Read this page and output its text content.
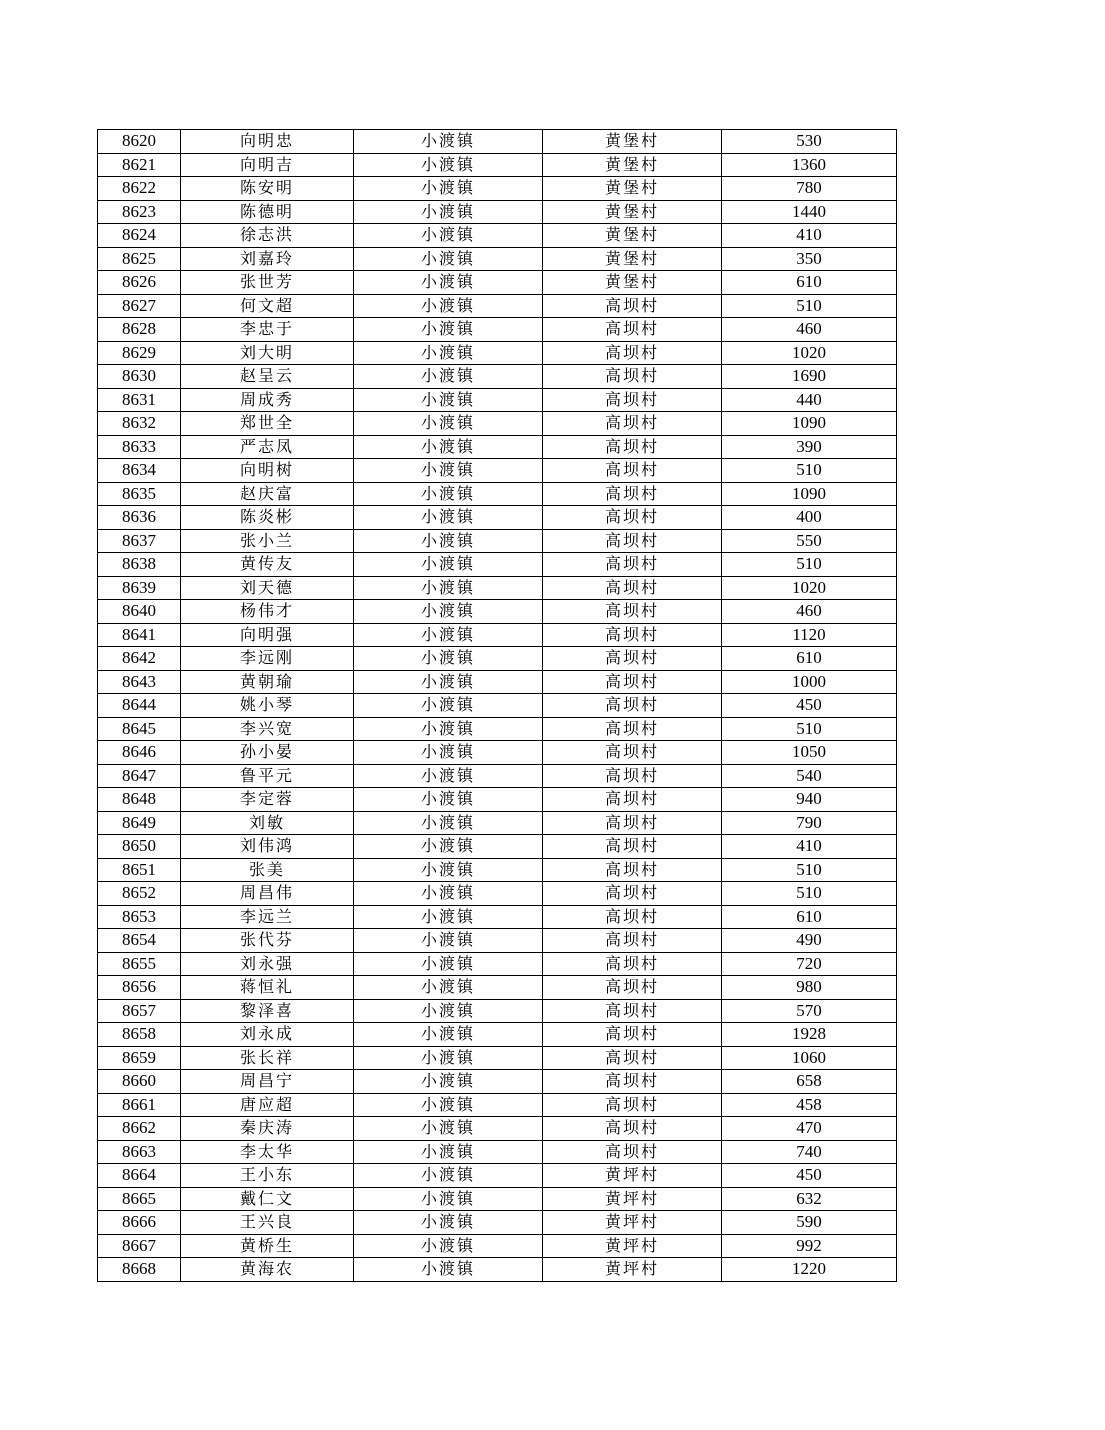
8620	向明忠	小渡镇	黄堡村	530
8621	向明吉	小渡镇	黄堡村	1360
8622	陈安明	小渡镇	黄堡村	780
8623	陈德明	小渡镇	黄堡村	1440
8624	徐志洪	小渡镇	黄堡村	410
8625	刘嘉玲	小渡镇	黄堡村	350
8626	张世芳	小渡镇	黄堡村	610
8627	何文超	小渡镇	高坝村	510
8628	李忠于	小渡镇	高坝村	460
8629	刘大明	小渡镇	高坝村	1020
8630	赵呈云	小渡镇	高坝村	1690
8631	周成秀	小渡镇	高坝村	440
8632	郑世全	小渡镇	高坝村	1090
8633	严志凤	小渡镇	高坝村	390
8634	向明树	小渡镇	高坝村	510
8635	赵庆富	小渡镇	高坝村	1090
8636	陈炎彬	小渡镇	高坝村	400
8637	张小兰	小渡镇	高坝村	550
8638	黄传友	小渡镇	高坝村	510
8639	刘天德	小渡镇	高坝村	1020
8640	杨伟才	小渡镇	高坝村	460
8641	向明强	小渡镇	高坝村	1120
8642	李远刚	小渡镇	高坝村	610
8643	黄朝瑜	小渡镇	高坝村	1000
8644	姚小琴	小渡镇	高坝村	450
8645	李兴宽	小渡镇	高坝村	510
8646	孙小晏	小渡镇	高坝村	1050
8647	鲁平元	小渡镇	高坝村	540
8648	李定蓉	小渡镇	高坝村	940
8649	刘敏	小渡镇	高坝村	790
8650	刘伟鸿	小渡镇	高坝村	410
8651	张美	小渡镇	高坝村	510
8652	周昌伟	小渡镇	高坝村	510
8653	李远兰	小渡镇	高坝村	610
8654	张代芬	小渡镇	高坝村	490
8655	刘永强	小渡镇	高坝村	720
8656	蒋恒礼	小渡镇	高坝村	980
8657	黎泽喜	小渡镇	高坝村	570
8658	刘永成	小渡镇	高坝村	1928
8659	张长祥	小渡镇	高坝村	1060
8660	周昌宁	小渡镇	高坝村	658
8661	唐应超	小渡镇	高坝村	458
8662	秦庆涛	小渡镇	高坝村	470
8663	李太华	小渡镇	高坝村	740
8664	王小东	小渡镇	黄坪村	450
8665	戴仁文	小渡镇	黄坪村	632
8666	王兴良	小渡镇	黄坪村	590
8667	黄桥生	小渡镇	黄坪村	992
8668	黄海农	小渡镇	黄坪村	1220
